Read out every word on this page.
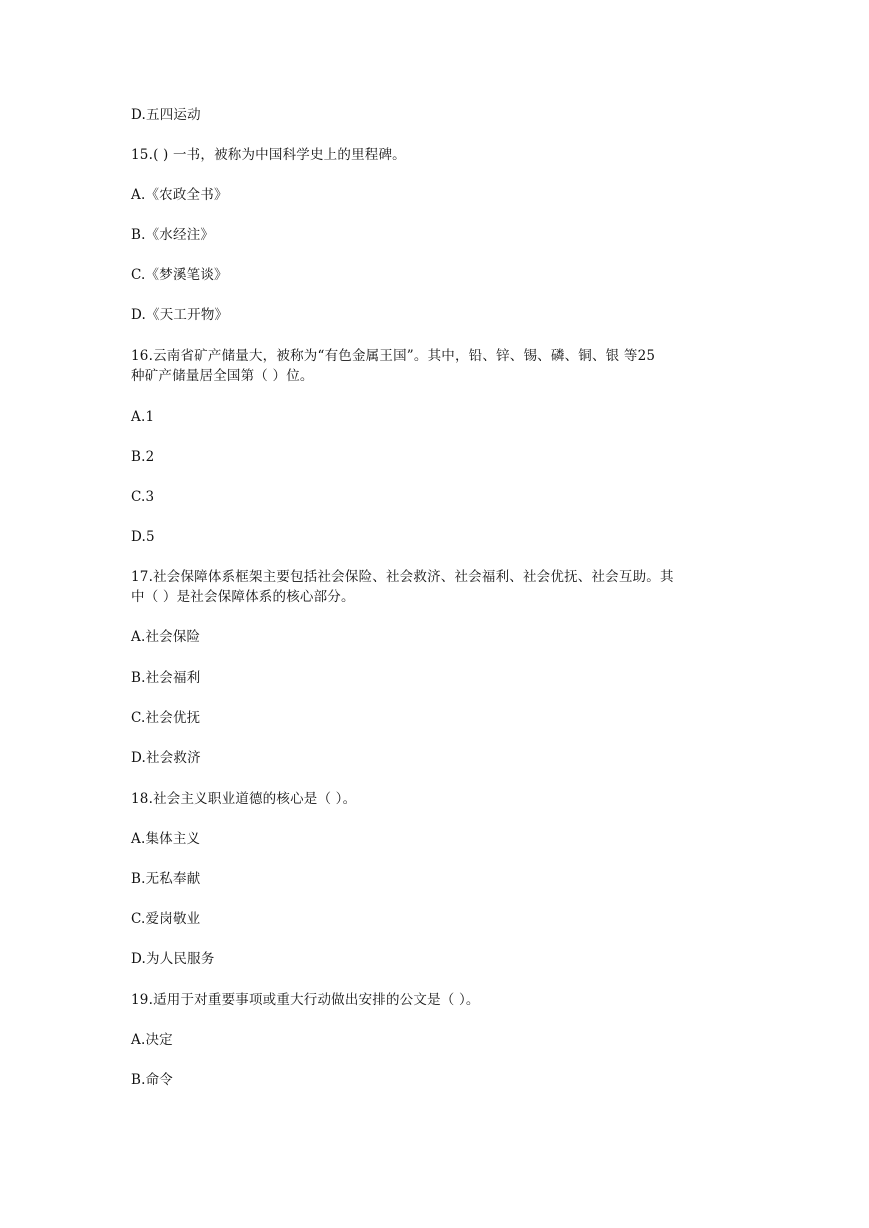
D.五四运动
15.( ) 一书，被称为中国科学史上的里程碑。
A.《农政全书》
B.《水经注》
C.《梦溪笔谈》
D.《天工开物》
16.云南省矿产储量大，被称为“有色金属王国”。其中，铅、锌、锡、磷、铜、银 等25
种矿产储量居全国第（ ）位。
A.1
B.2
C.3
D.5
17.社会保障体系框架主要包括社会保险、社会救济、社会福利、社会优抚、社会互助。其
中（ ）是社会保障体系的核心部分。
A.社会保险
B.社会福利
C.社会优抚
D.社会救济
18.社会主义职业道德的核心是（ ）。
A.集体主义
B.无私奉献
C.爱岗敬业
D.为人民服务
19.适用于对重要事项或重大行动做出安排的公文是（ ）。
A.决定
B.命令
